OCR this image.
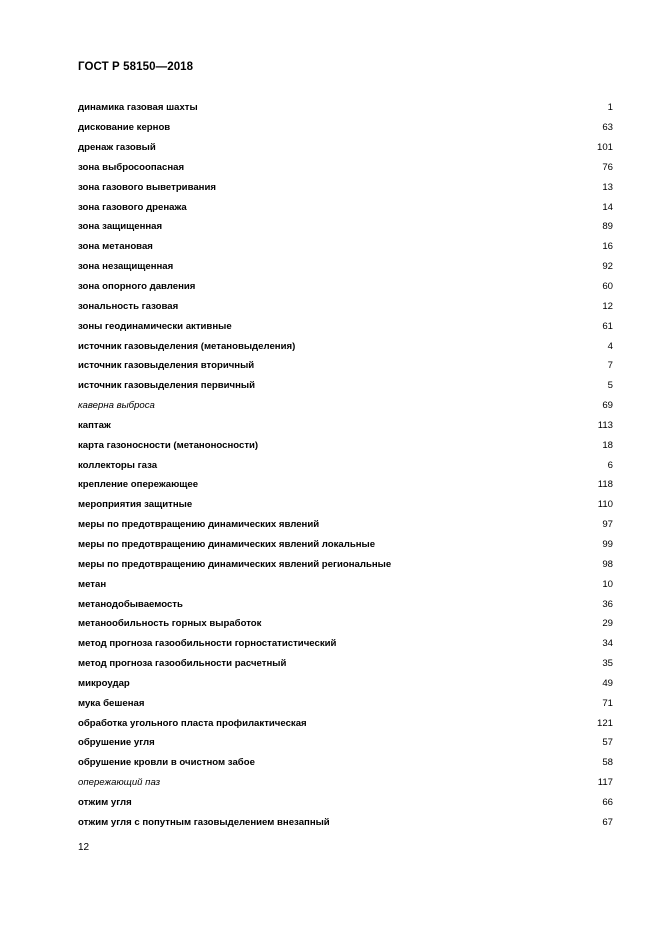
ГОСТ Р 58150—2018
динамика газовая шахты	1
дискование кернов	63
дренаж газовый	101
зона выбросоопасная	76
зона газового выветривания	13
зона газового дренажа	14
зона защищенная	89
зона метановая	16
зона незащищенная	92
зона опорного давления	60
зональность газовая	12
зоны геодинамически активные	61
источник газовыделения (метановыделения)	4
источник газовыделения вторичный	7
источник газовыделения первичный	5
каверна выброса	69
каптаж	113
карта газоносности (метаноносности)	18
коллекторы газа	6
крепление опережающее	118
мероприятия защитные	110
меры по предотвращению динамических явлений	97
меры по предотвращению динамических явлений локальные	99
меры по предотвращению динамических явлений региональные	98
метан	10
метанодобываемость	36
метанообильность горных выработок	29
метод прогноза газообильности горностатистический	34
метод прогноза газообильности расчетный	35
микроудар	49
мука бешеная	71
обработка угольного пласта профилактическая	121
обрушение угля	57
обрушение кровли в очистном забое	58
опережающий паз	117
отжим угля	66
отжим угля с попутным газовыделением внезапный	67
12
